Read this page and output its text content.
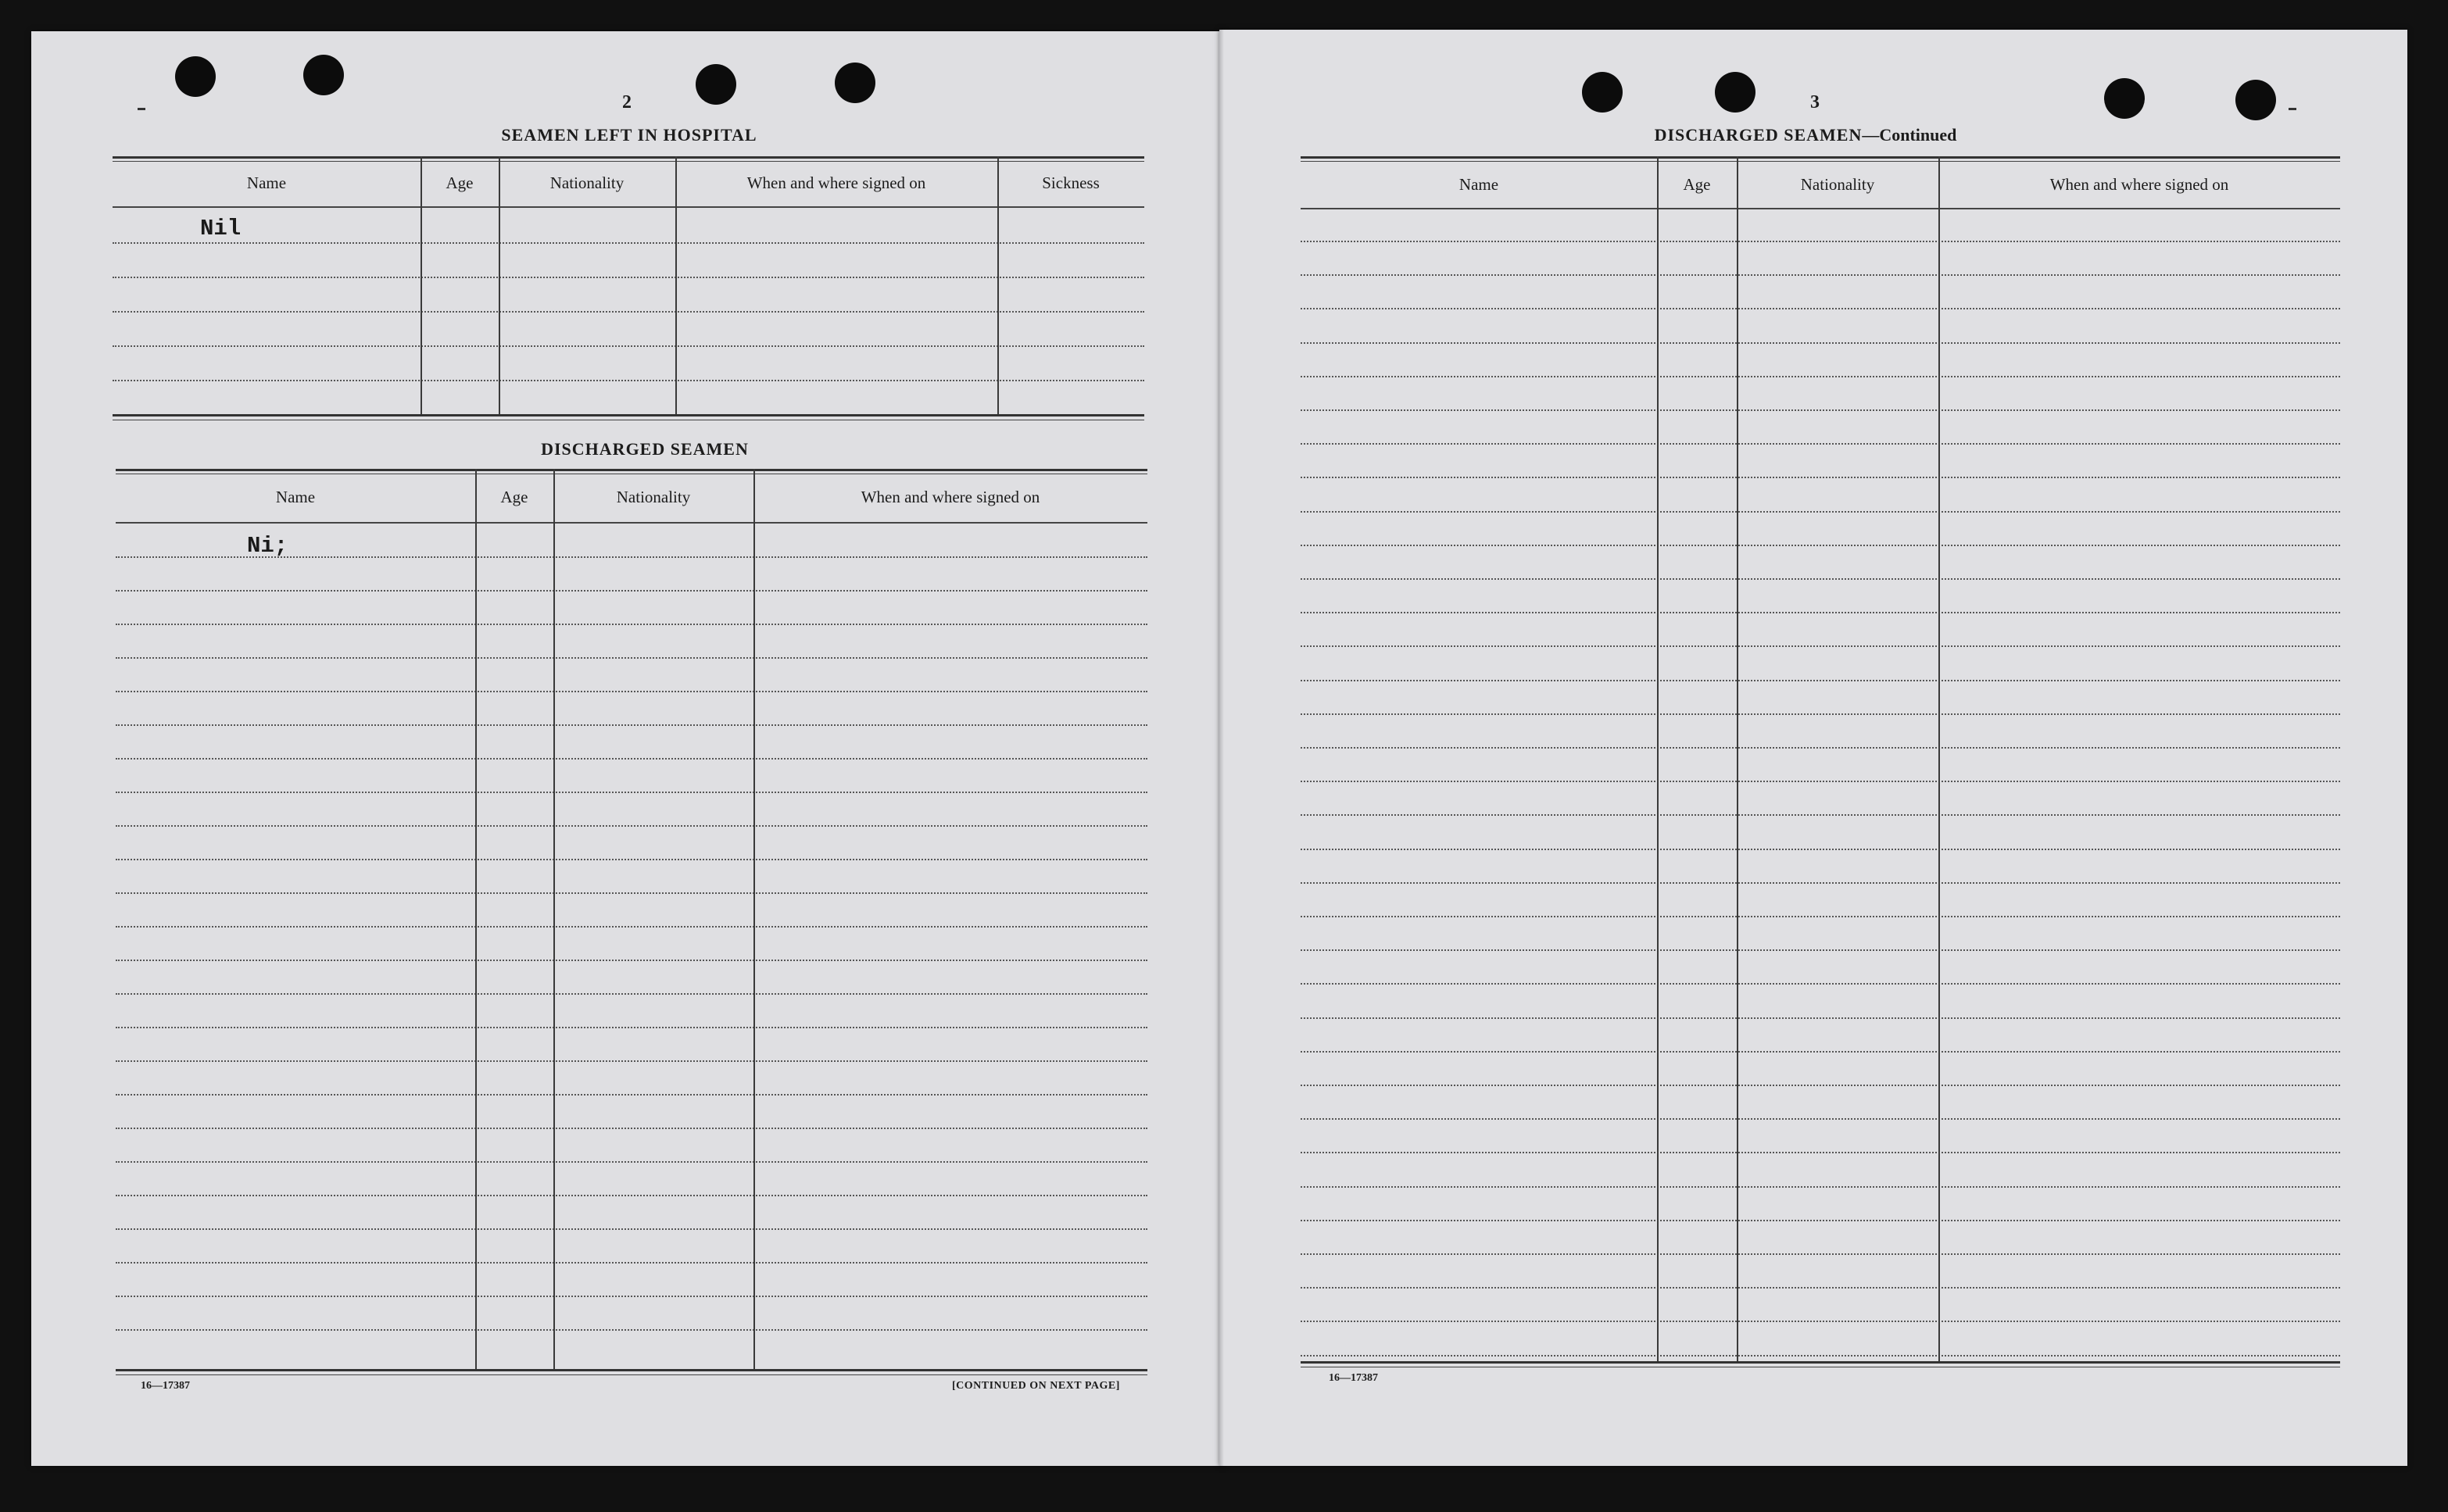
2
SEAMEN LEFT IN HOSPITAL
Name	Age	Nationality	When and where signed on	Sickness
Nil
DISCHARGED SEAMEN
Name	Age	Nationality	When and where signed on
Ni;
16—17387	[CONTINUED ON NEXT PAGE]
3
DISCHARGED SEAMEN—Continued
Name	Age	Nationality	When and where signed on
16—17387
